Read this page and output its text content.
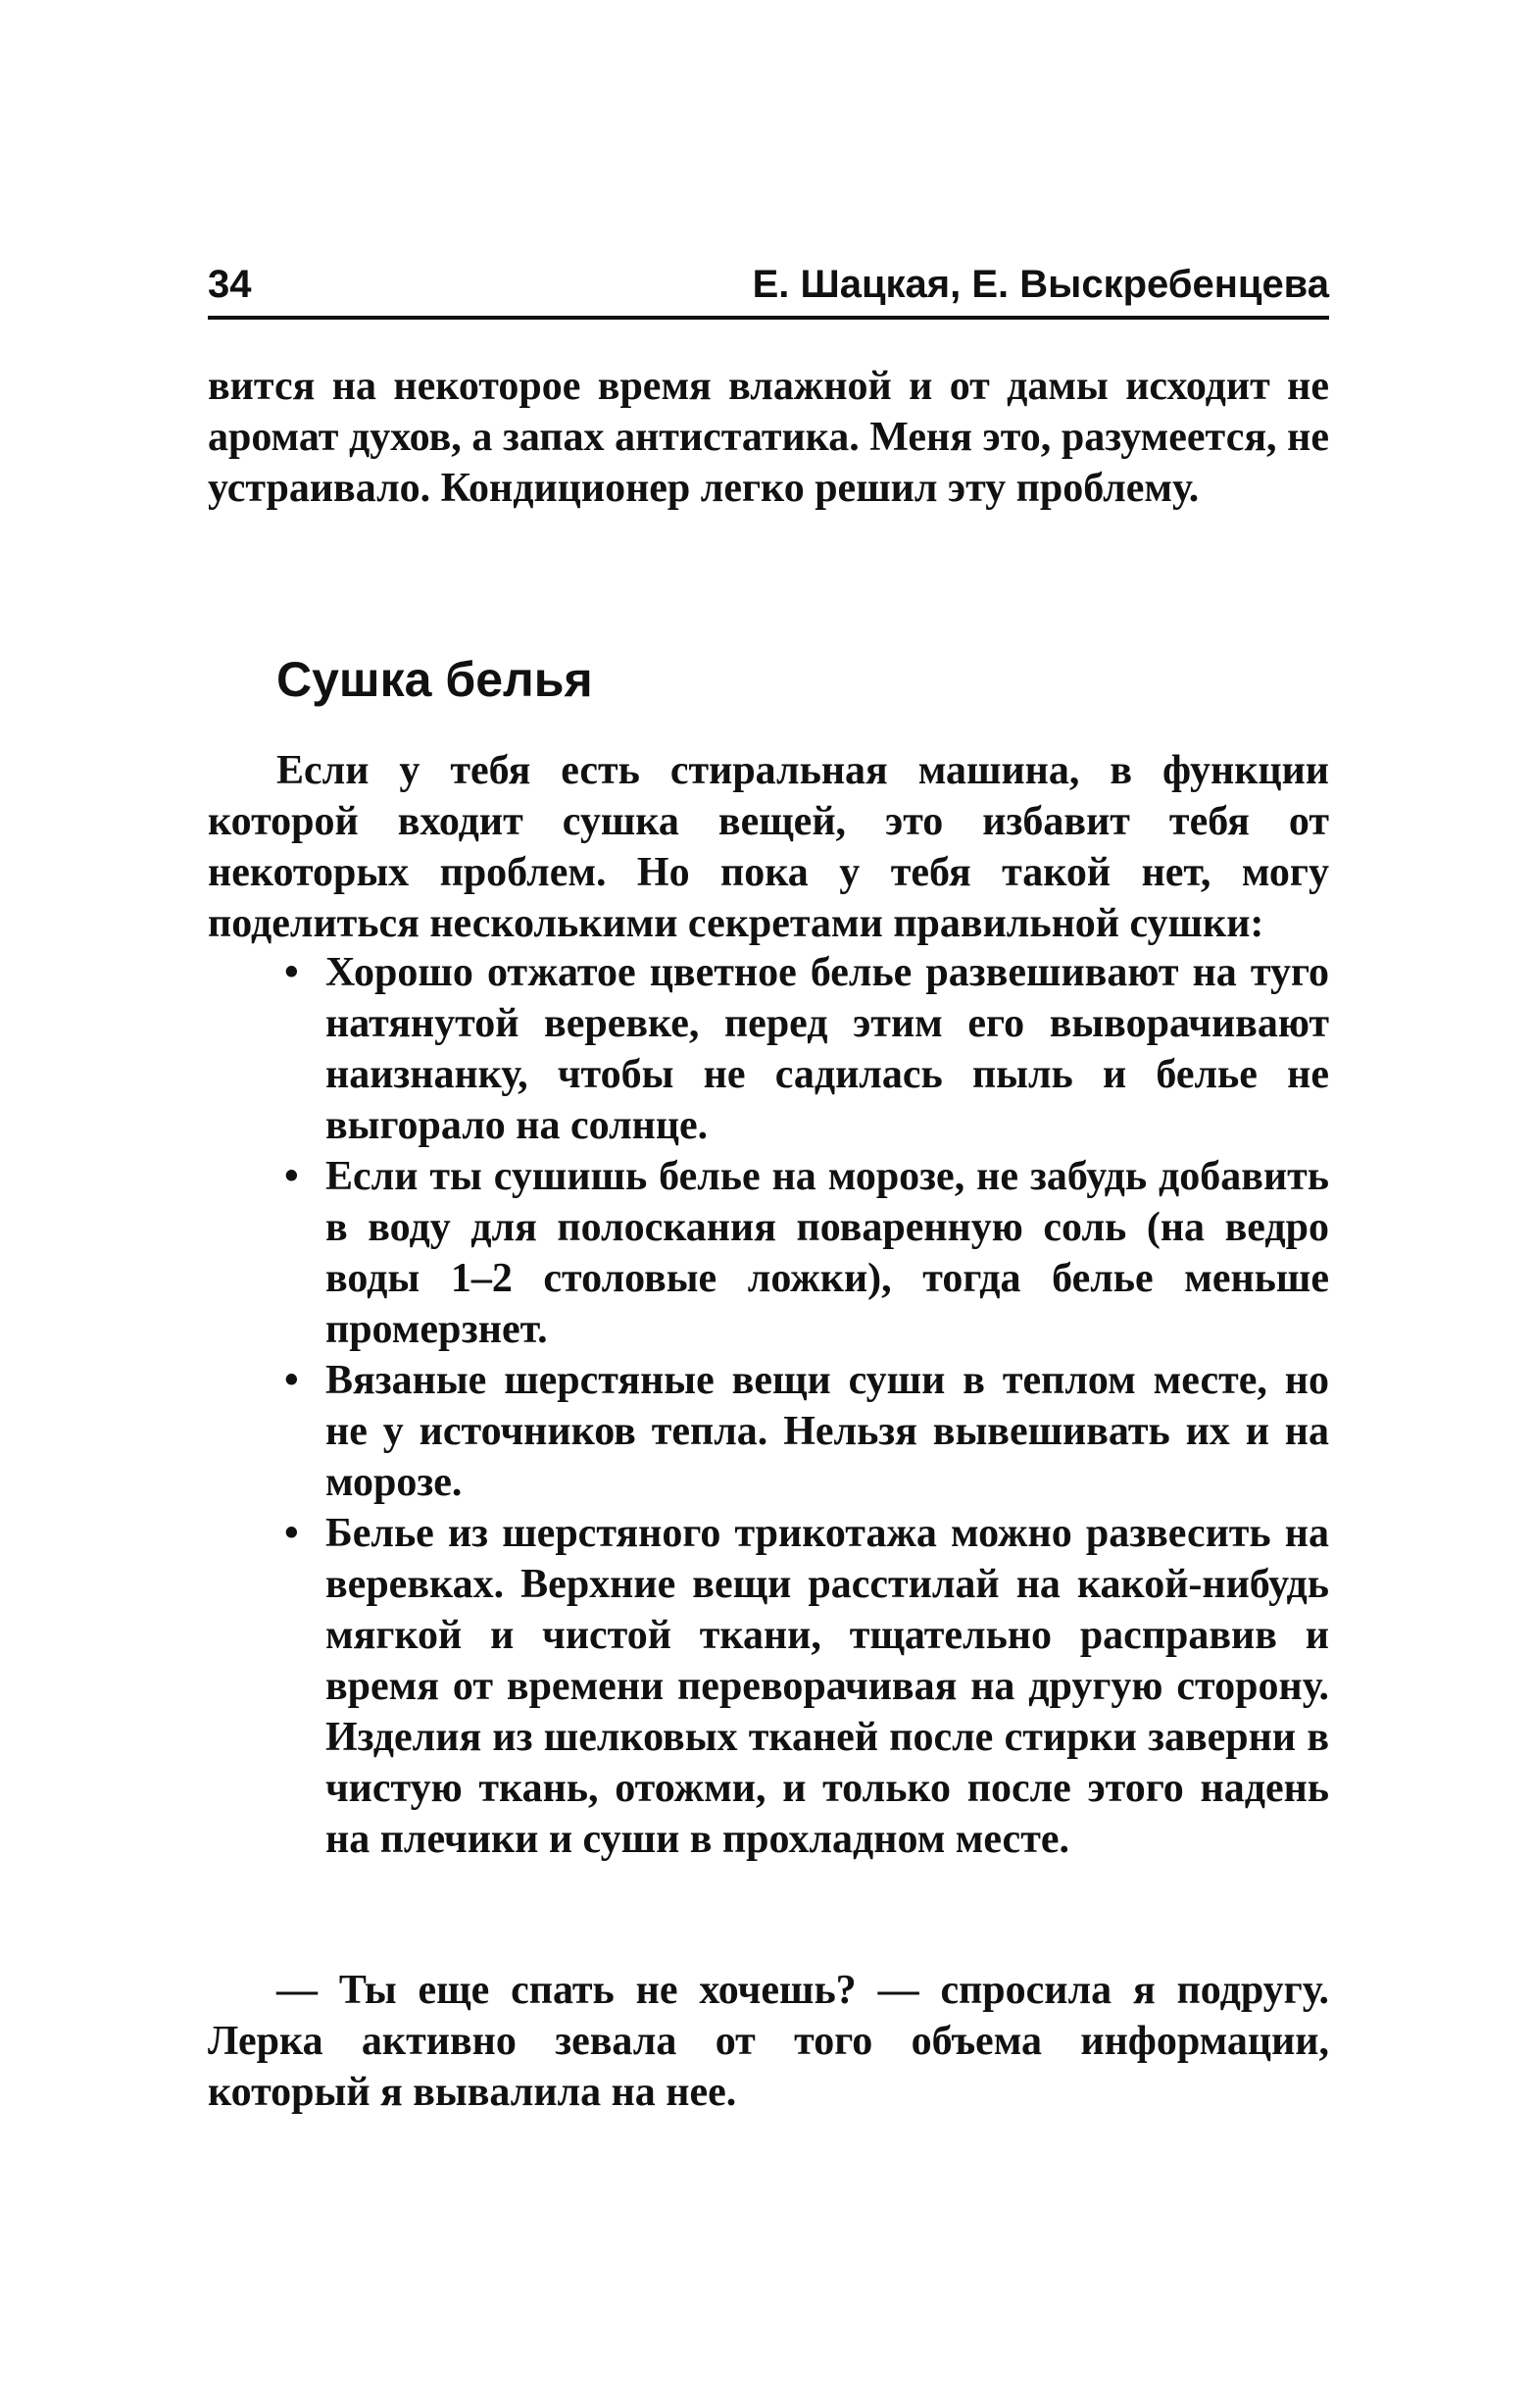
34	Е. Шацкая, Е. Выскребенцева

вится на некоторое время влажной и от дамы исходит не аромат духов, а запах антистатика. Меня это, разумеется, не устраивало. Кондиционер легко решил эту проблему.

Сушка белья

Если у тебя есть стиральная машина, в функции которой входит сушка вещей, это избавит тебя от некоторых проблем. Но пока у тебя такой нет, могу поделиться несколькими секретами правильной сушки:

• Хорошо отжатое цветное белье развешивают на туго натянутой веревке, перед этим его выворачивают наизнанку, чтобы не садилась пыль и белье не выгорало на солнце.
• Если ты сушишь белье на морозе, не забудь добавить в воду для полоскания поваренную соль (на ведро воды 1–2 столовые ложки), тогда белье меньше промерзнет.
• Вязаные шерстяные вещи суши в теплом месте, но не у источников тепла. Нельзя вывешивать их и на морозе.
• Белье из шерстяного трикотажа можно развесить на веревках. Верхние вещи расстилай на какой-нибудь мягкой и чистой ткани, тщательно расправив и время от времени переворачивая на другую сторону. Изделия из шелковых тканей после стирки заверни в чистую ткань, отожми, и только после этого надень на плечики и суши в прохладном месте.

— Ты еще спать не хочешь? — спросила я подругу. Лерка активно зевала от того объема информации, который я вывалила на нее.
